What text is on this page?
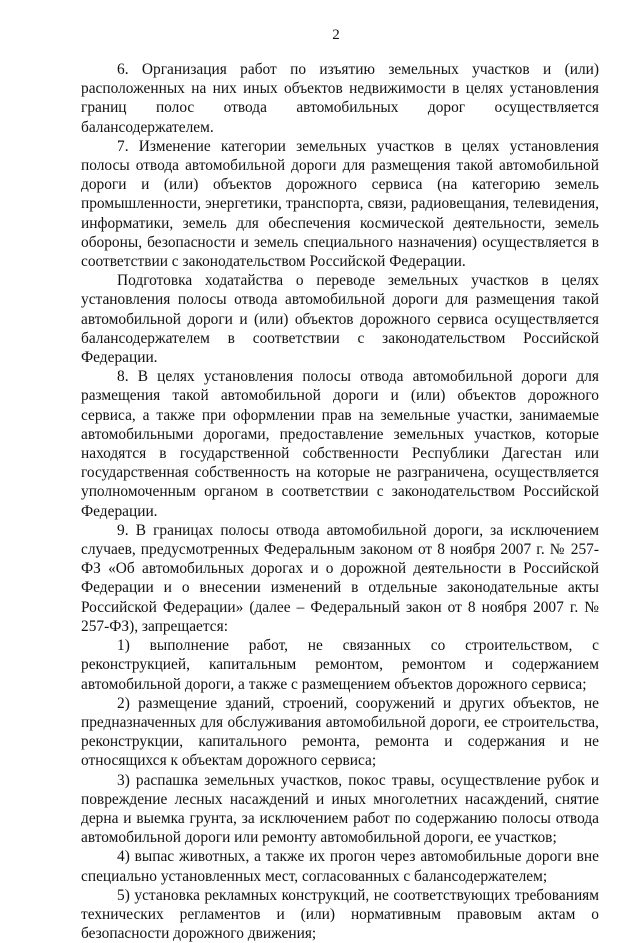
2

6. Организация работ по изъятию земельных участков и (или) расположенных на них иных объектов недвижимости в целях установления границ полос отвода автомобильных дорог осуществляется балансодержателем.

7. Изменение категории земельных участков в целях установления полосы отвода автомобильной дороги для размещения такой автомобильной дороги и (или) объектов дорожного сервиса (на категорию земель промышленности, энергетики, транспорта, связи, радиовещания, телевидения, информатики, земель для обеспечения космической деятельности, земель обороны, безопасности и земель специального назначения) осуществляется в соответствии с законодательством Российской Федерации.

Подготовка ходатайства о переводе земельных участков в целях установления полосы отвода автомобильной дороги для размещения такой автомобильной дороги и (или) объектов дорожного сервиса осуществляется балансодержателем в соответствии с законодательством Российской Федерации.

8. В целях установления полосы отвода автомобильной дороги для размещения такой автомобильной дороги и (или) объектов дорожного сервиса, а также при оформлении прав на земельные участки, занимаемые автомобильными дорогами, предоставление земельных участков, которые находятся в государственной собственности Республики Дагестан или государственная собственность на которые не разграничена, осуществляется уполномоченным органом в соответствии с законодательством Российской Федерации.

9. В границах полосы отвода автомобильной дороги, за исключением случаев, предусмотренных Федеральным законом от 8 ноября 2007 г. № 257-ФЗ «Об автомобильных дорогах и о дорожной деятельности в Российской Федерации и о внесении изменений в отдельные законодательные акты Российской Федерации» (далее – Федеральный закон от 8 ноября 2007 г. № 257-ФЗ), запрещается:

1) выполнение работ, не связанных со строительством, с реконструкцией, капитальным ремонтом, ремонтом и содержанием автомобильной дороги, а также с размещением объектов дорожного сервиса;

2) размещение зданий, строений, сооружений и других объектов, не предназначенных для обслуживания автомобильной дороги, ее строительства, реконструкции, капитального ремонта, ремонта и содержания и не относящихся к объектам дорожного сервиса;

3) распашка земельных участков, покос травы, осуществление рубок и повреждение лесных насаждений и иных многолетних насаждений, снятие дерна и выемка грунта, за исключением работ по содержанию полосы отвода автомобильной дороги или ремонту автомобильной дороги, ее участков;

4) выпас животных, а также их прогон через автомобильные дороги вне специально установленных мест, согласованных с балансодержателем;

5) установка рекламных конструкций, не соответствующих требованиям технических регламентов и (или) нормативным правовым актам о безопасности дорожного движения;
